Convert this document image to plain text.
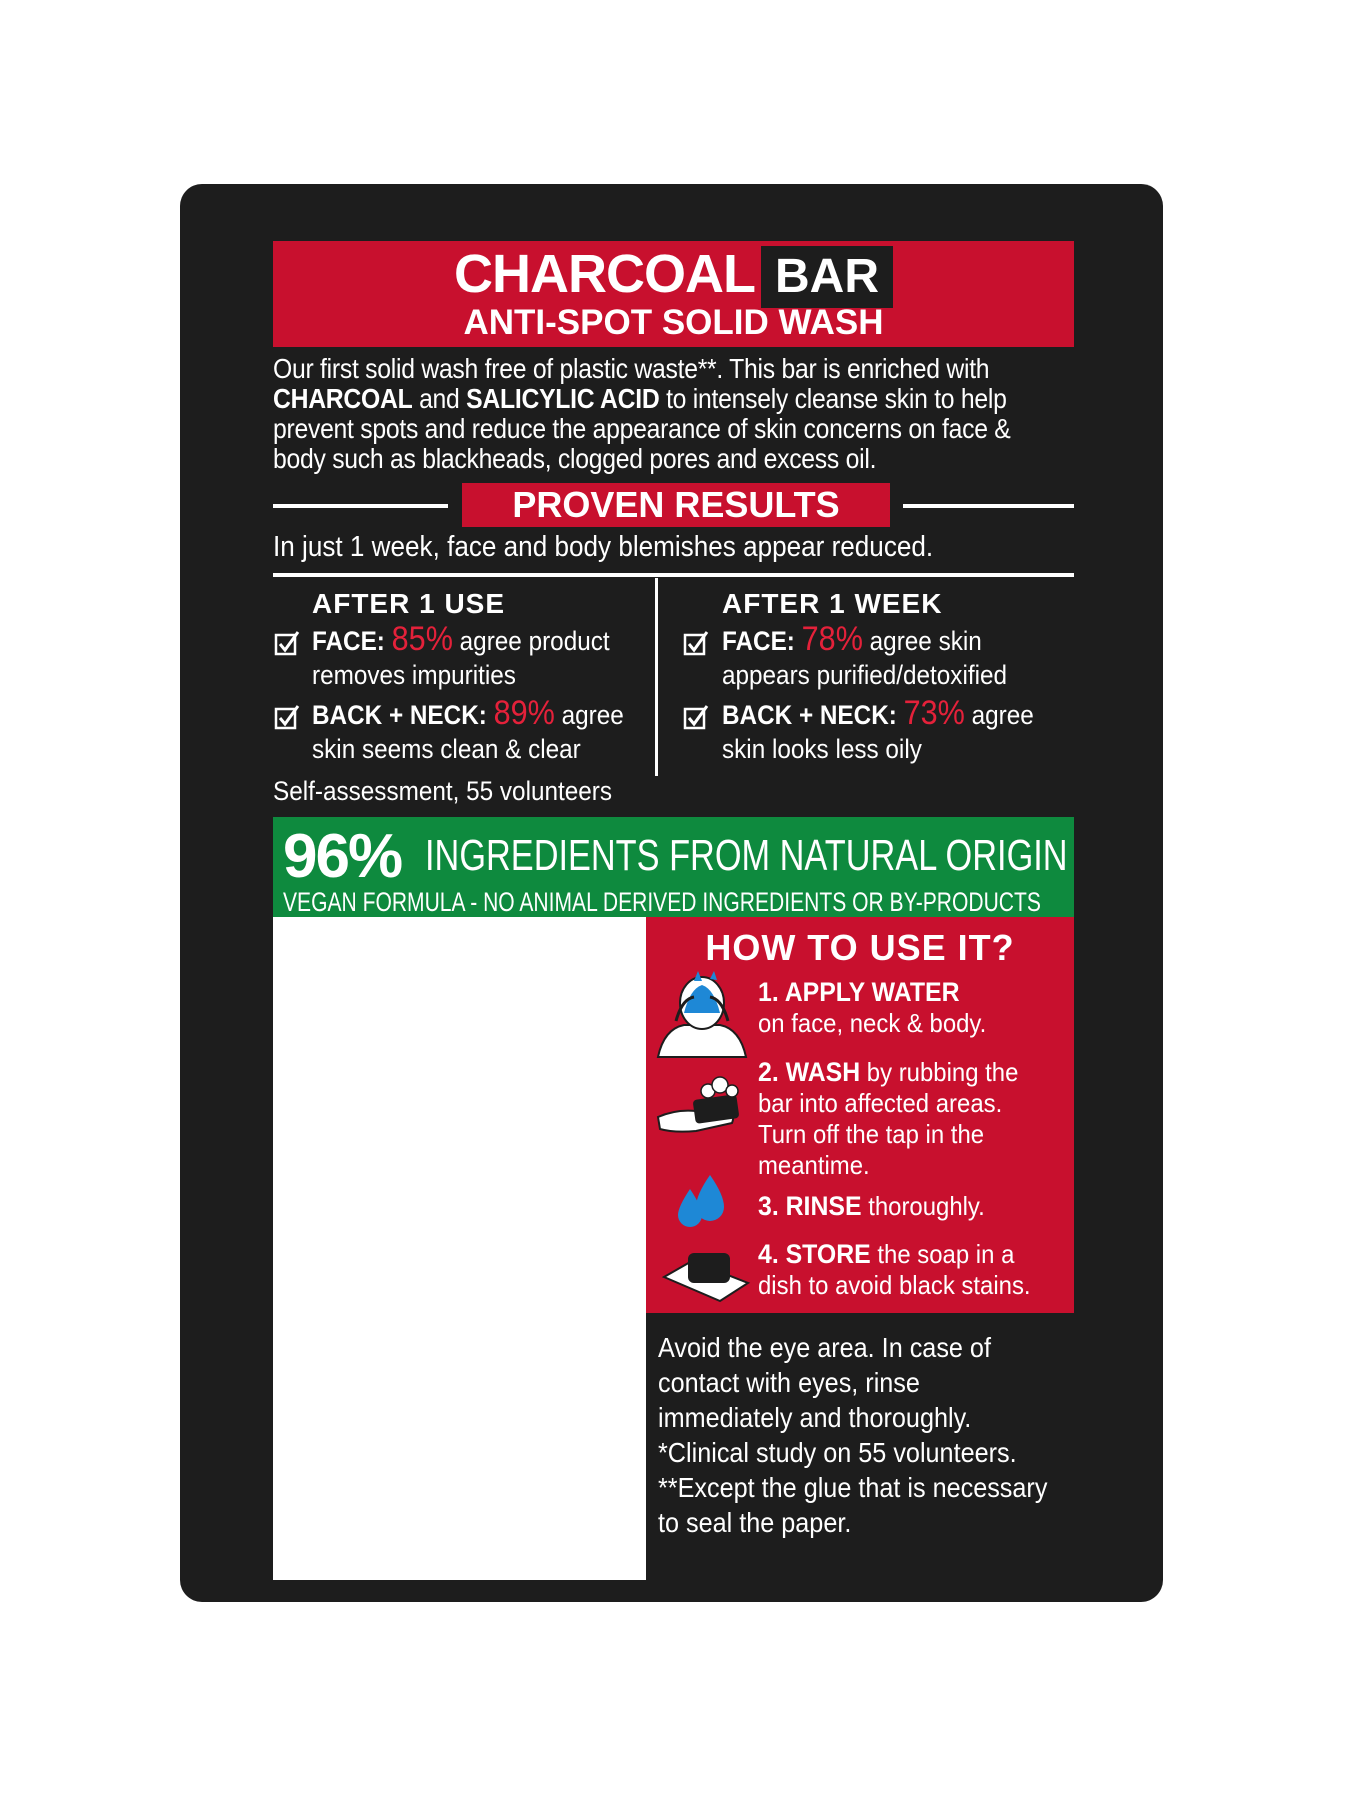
CHARCOAL BAR
ANTI-SPOT SOLID WASH
Our first solid wash free of plastic waste**. This bar is enriched with
CHARCOAL and SALICYLIC ACID to intensely cleanse skin to help
prevent spots and reduce the appearance of skin concerns on face &
body such as blackheads, clogged pores and excess oil.
PROVEN RESULTS
In just 1 week, face and body blemishes appear reduced.
AFTER 1 USE
FACE: 85% agree product
removes impurities
BACK + NECK: 89% agree
skin seems clean & clear
AFTER 1 WEEK
FACE: 78% agree skin
appears purified/detoxified
BACK + NECK: 73% agree
skin looks less oily
Self-assessment, 55 volunteers
96% INGREDIENTS FROM NATURAL ORIGIN
VEGAN FORMULA - NO ANIMAL DERIVED INGREDIENTS OR BY-PRODUCTS
HOW TO USE IT?
1. APPLY WATER
on face, neck & body.
2. WASH by rubbing the
bar into affected areas.
Turn off the tap in the
meantime.
3. RINSE thoroughly.
4. STORE the soap in a
dish to avoid black stains.
Avoid the eye area. In case of
contact with eyes, rinse
immediately and thoroughly.
*Clinical study on 55 volunteers.
**Except the glue that is necessary
to seal the paper.
